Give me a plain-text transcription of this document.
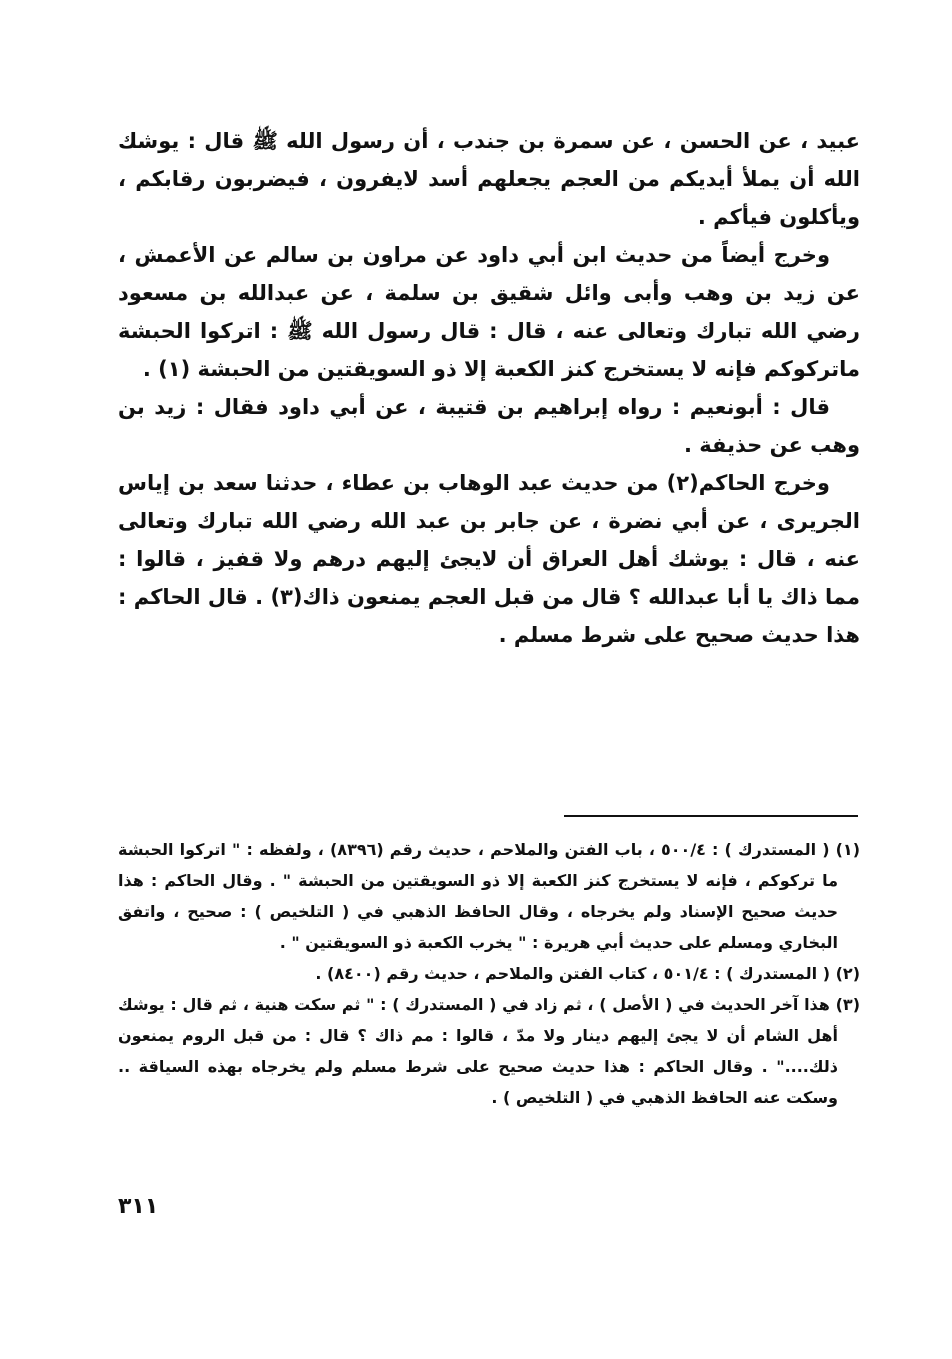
عبيد ، عن الحسن ، عن سمرة بن جندب ، أن رسول الله ﷺ قال : يوشك الله أن يملأ أيديكم من العجم يجعلهم أسد لايفرون ، فيضربون رقابكم ، ويأكلون فيأكم .

وخرج أيضاً من حديث ابن أبي داود عن مراون بن سالم عن الأعمش ، عن زيد بن وهب وأبى وائل شقيق بن سلمة ، عن عبدالله بن مسعود رضي الله تبارك وتعالى عنه ، قال : قال رسول الله ﷺ : اتركوا الحبشة ماتركوكم فإنه لا يستخرج كنز الكعبة إلا ذو السويقتين من الحبشة (١) .

قال : أبونعيم : رواه إبراهيم بن قتيبة ، عن أبي داود فقال : زيد بن وهب عن حذيفة .

وخرج الحاكم(٢) من حديث عبد الوهاب بن عطاء ، حدثنا سعد بن إياس الجريرى ، عن أبي نضرة ، عن جابر بن عبد الله رضي الله تبارك وتعالى عنه ، قال : يوشك أهل العراق أن لايجئ إليهم درهم ولا قفيز ، قالوا : مما ذاك يا أبا عبدالله ؟ قال من قبل العجم يمنعون ذاك(٣) . قال الحاكم : هذا حديث صحيح على شرط مسلم .

(١) ( المستدرك ) : ٥٠٠/٤ ، باب الفتن والملاحم ، حديث رقم (٨٣٩٦) ، ولفظه : " اتركوا الحبشة ما تركوكم ، فإنه لا يستخرج كنز الكعبة إلا ذو السويقتين من الحبشة " . وقال الحاكم : هذا حديث صحيح الإسناد ولم يخرجاه ، وقال الحافظ الذهبي في ( التلخيص ) : صحيح ، واتفق البخاري ومسلم على حديث أبي هريرة : " يخرب الكعبة ذو السويقتين " .

(٢) ( المستدرك ) : ٥٠١/٤ ، كتاب الفتن والملاحم ، حديث رقم (٨٤٠٠) .

(٣) هذا آخر الحديث في ( الأصل ) ، ثم زاد في ( المستدرك ) : " ثم سكت هنية ، ثم قال : يوشك أهل الشام أن لا يجئ إليهم دينار ولا مدّ ، قالوا : مم ذاك ؟ قال : من قبل الروم يمنعون ذلك...." . وقال الحاكم : هذا حديث صحيح على شرط مسلم ولم يخرجاه بهذه السياقة .. وسكت عنه الحافظ الذهبي في ( التلخيص ) .

٣١١
